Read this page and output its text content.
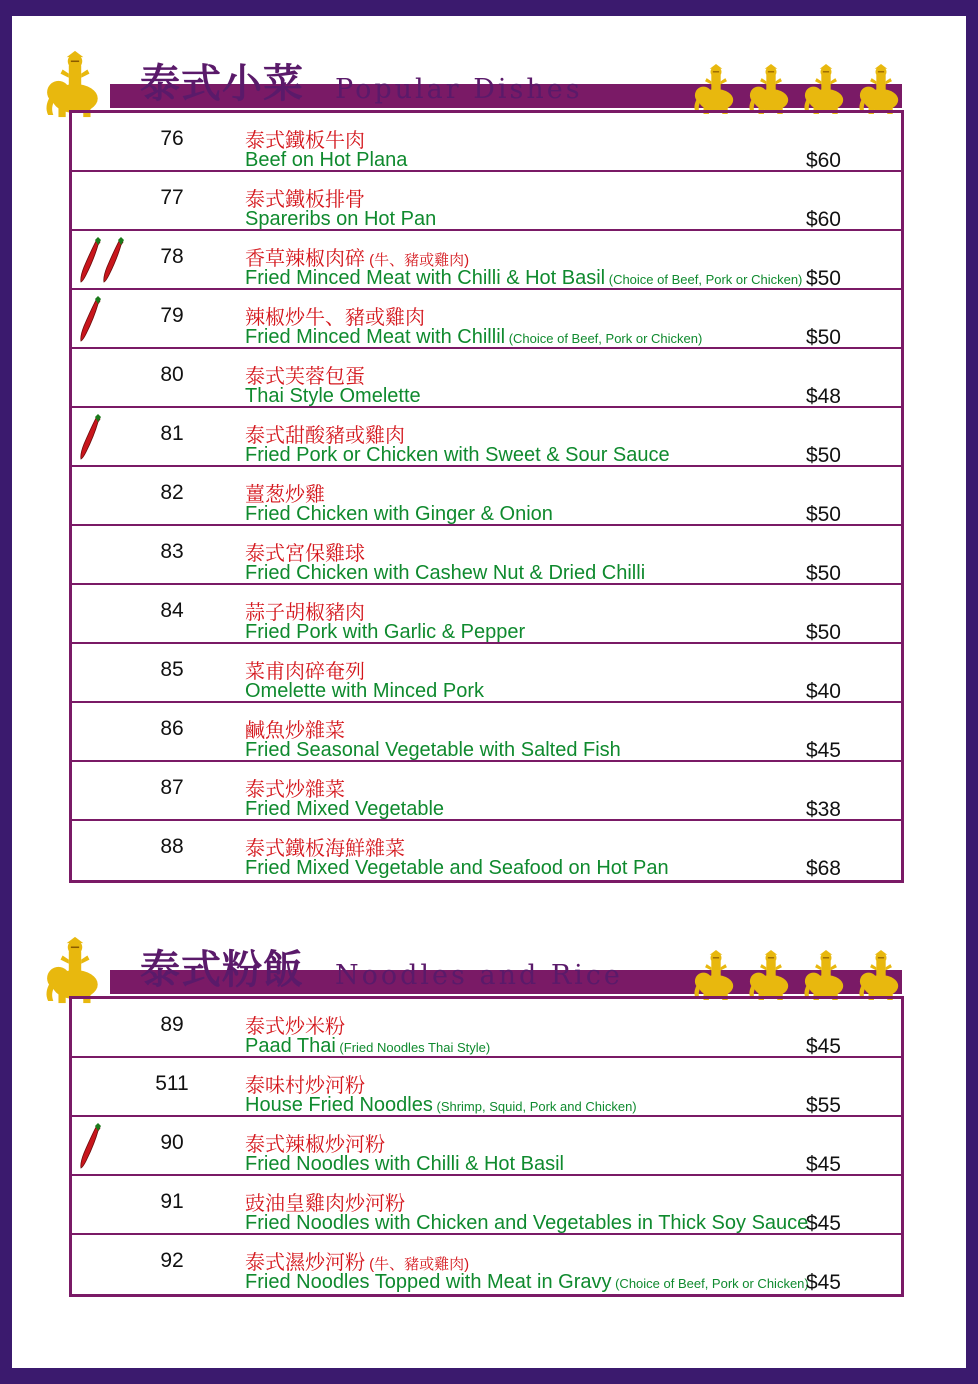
泰式小菜 Popular Dishes
76	泰式鐵板牛肉
Beef on Hot Plana	$60
77	泰式鐵板排骨
Spareribs on Hot Pan	$60
78	香草辣椒肉碎 (牛、豬或雞肉)
Fried Minced Meat with Chilli & Hot Basil (Choice of Beef, Pork or Chicken) $50
79	辣椒炒牛、豬或雞肉
Fried Minced Meat with Chillil (Choice of Beef, Pork or Chicken)	$50
80	泰式芙蓉包蛋
Thai Style Omelette	$48
81	泰式甜酸豬或雞肉
Fried Pork or Chicken with Sweet & Sour Sauce	$50
82	薑葱炒雞
Fried Chicken with Ginger & Onion	$50
83	泰式宮保雞球
Fried Chicken with Cashew Nut & Dried Chilli	$50
84	蒜子胡椒豬肉
Fried Pork with Garlic & Pepper	$50
85	菜甫肉碎奄列
Omelette with Minced Pork	$40
86	鹹魚炒雜菜
Fried Seasonal Vegetable with Salted Fish	$45
87	泰式炒雜菜
Fried Mixed Vegetable	$38
88	泰式鐵板海鮮雜菜
Fried Mixed Vegetable and Seafood on Hot Pan	$68
泰式粉飯 Noodles and Rice
89	泰式炒米粉
Paad Thai (Fried Noodles Thai Style)	$45
511	泰味村炒河粉
House Fried Noodles (Shrimp, Squid, Pork and Chicken)	$55
90	泰式辣椒炒河粉
Fried Noodles with Chilli & Hot Basil	$45
91	豉油皇雞肉炒河粉
Fried Noodles with Chicken and Vegetables in Thick Soy Sauce
$45
92	泰式濕炒河粉 (牛、豬或雞肉)
Fried Noodles Topped with Meat in Gravy (Choice of Beef, Pork or Chicken)
$45
